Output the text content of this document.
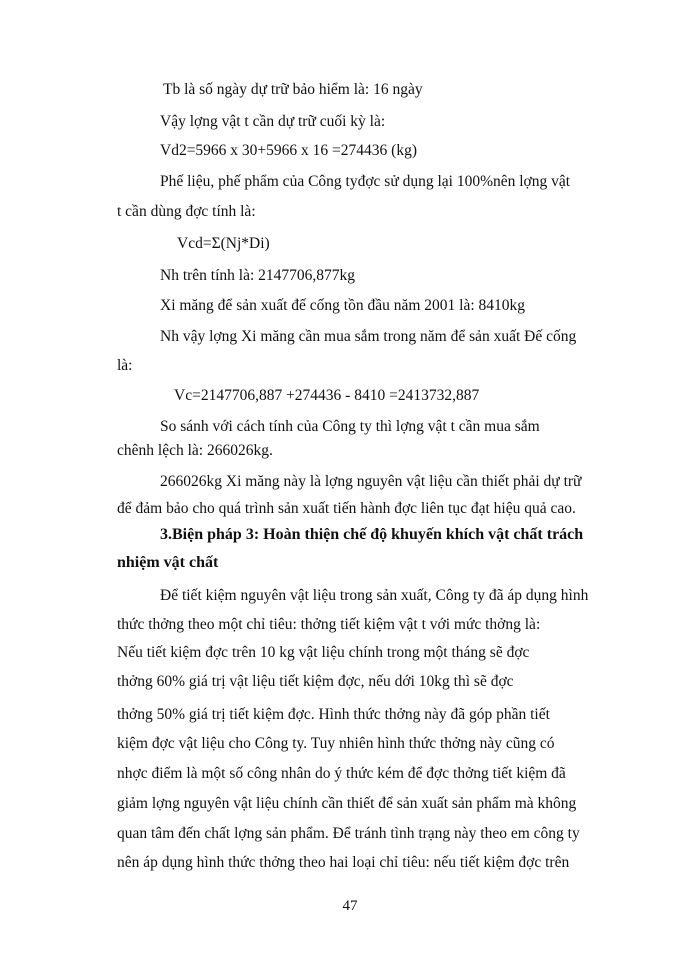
Tb là số ngày dự trữ bảo hiểm là: 16 ngày

Vậy lợng vật t cần dự trữ cuối kỳ là:

Vd2=5966 x 30+5966 x 16 =274436 (kg)

Phế liệu, phế phẩm của Công tyđợc sử dụng lại 100%nên lợng vật

t cần dùng đợc tính là:

Vcd=Σ(Nj*Di)

Nh trên tính là: 2147706,877kg

Xi măng để sản xuất đế cống tồn đầu năm 2001 là: 8410kg

Nh vậy lợng Xi măng cần mua sắm trong năm để sản xuất Đế cống

là:

Vc=2147706,887 +274436 - 8410 =2413732,887

So sánh với cách tính của Công ty thì lợng vật t cần mua sắm

chênh lệch là: 266026kg.

266026kg Xi măng này là lợng nguyên vật liệu cần thiết phải dự trữ

để đảm bảo cho quá trình sản xuất tiến hành đợc liên tục đạt hiệu quả cao.

3.Biện pháp 3: Hoàn thiện chế độ khuyến khích vật chất trách

nhiệm vật chất

Để tiết kiệm nguyên vật liệu trong sản xuất, Công ty đã áp dụng hình

thức thởng theo một chỉ tiêu: thởng tiết kiệm vật t với mức thởng là:

Nếu tiết kiệm đợc trên 10 kg vật liệu chính trong một tháng sẽ đợc

thởng 60% giá trị vật liệu tiết kiệm đợc, nếu dới 10kg thì sẽ đợc

thởng 50% giá trị tiết kiệm đợc. Hình thức thởng này đã góp phần tiết

kiệm đợc vật liệu cho Công ty. Tuy nhiên hình thức thởng này cũng có

nhợc điểm là một số công nhân do ý thức kém để đợc thởng tiết kiệm đã

giảm lợng nguyên vật liệu chính cần thiết để sản xuất sản phẩm mà không

quan tâm đến chất lợng sản phẩm. Để tránh tình trạng này theo em công ty

nên áp dụng hình thức thởng theo hai loại chỉ tiêu: nếu tiết kiệm đợc trên

47
